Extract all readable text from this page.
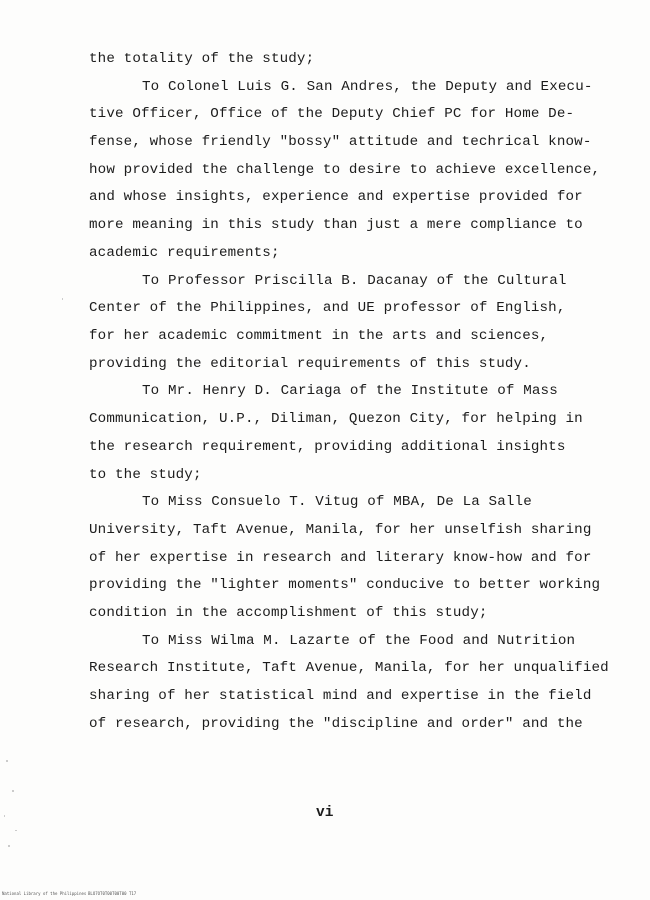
the totality of the study;
To Colonel Luis G. San Andres, the Deputy and Execu-
tive Officer, Office of the Deputy Chief PC for Home De-
fense, whose friendly "bossy" attitude and techrical know-
how provided the challenge to desire to achieve excellence,
and whose insights, experience and expertise provided for
more meaning in this study than just a mere compliance to
academic requirements;
To Professor Priscilla B. Dacanay of the Cultural
Center of the Philippines, and UE professor of English,
for her academic commitment in the arts and sciences,
providing the editorial requirements of this study.
To Mr. Henry D. Cariaga of the Institute of Mass
Communication, U.P., Diliman, Quezon City, for helping in
the research requirement, providing additional insights
to the study;
To Miss Consuelo T. Vitug of MBA, De La Salle
University, Taft Avenue, Manila, for her unselfish sharing
of her expertise in research and literary know-how and for
providing the "lighter moments" conducive to better working
condition in the accomplishment of this study;
To Miss Wilma M. Lazarte of the Food and Nutrition
Research Institute, Taft Avenue, Manila, for her unqualified
sharing of her statistical mind and expertise in the field
of research, providing the "discipline and order" and the
vi
National Library of the Philippines BLO7OT0T00T00T00 T17
